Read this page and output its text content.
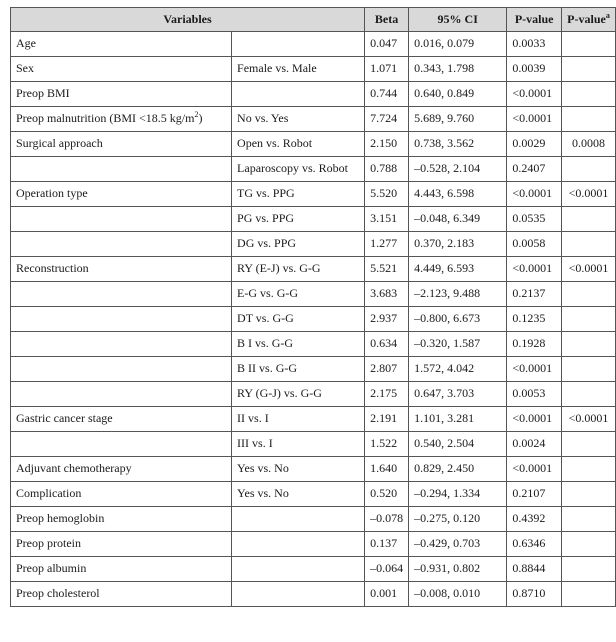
Variables		Beta	95% CI	P-value	P-value$^a$
Age		0.047	0.016, 0.079	0.0033	
Sex	Female vs. Male	1.071	0.343, 1.798	0.0039	
Preop BMI		0.744	0.640, 0.849	<0.0001	
Preop malnutrition (BMI <18.5 $kg/m^2$)	No vs. Yes	7.724	5.689, 9.760	<0.0001	
Surgical approach	Open vs. Robot	2.150	0.738, 3.562	0.0029	0.0008
	Laparoscopy vs. Robot	0.788	–0.528, 2.104	0.2407	
Operation type	TG vs. PPG	5.520	4.443, 6.598	<0.0001	<0.0001
	PG vs. PPG	3.151	–0.048, 6.349	0.0535	
	DG vs. PPG	1.277	0.370, 2.183	0.0058	
Reconstruction	RY (E-J) vs. G-G	5.521	4.449, 6.593	<0.0001	<0.0001
	E-G vs. G-G	3.683	–2.123, 9.488	0.2137	
	DT vs. G-G	2.937	–0.800, 6.673	0.1235	
	B I vs. G-G	0.634	–0.320, 1.587	0.1928	
	B II vs. G-G	2.807	1.572, 4.042	<0.0001	
	RY (G-J) vs. G-G	2.175	0.647, 3.703	0.0053	
Gastric cancer stage	II vs. I	2.191	1.101, 3.281	<0.0001	<0.0001
	III vs. I	1.522	0.540, 2.504	0.0024	
Adjuvant chemotherapy	Yes vs. No	1.640	0.829, 2.450	<0.0001	
Complication	Yes vs. No	0.520	–0.294, 1.334	0.2107	
Preop hemoglobin		–0.078	–0.275, 0.120	0.4392	
Preop protein		0.137	–0.429, 0.703	0.6346	
Preop albumin		–0.064	–0.931, 0.802	0.8844	
Preop cholesterol		0.001	–0.008, 0.010	0.8710	
